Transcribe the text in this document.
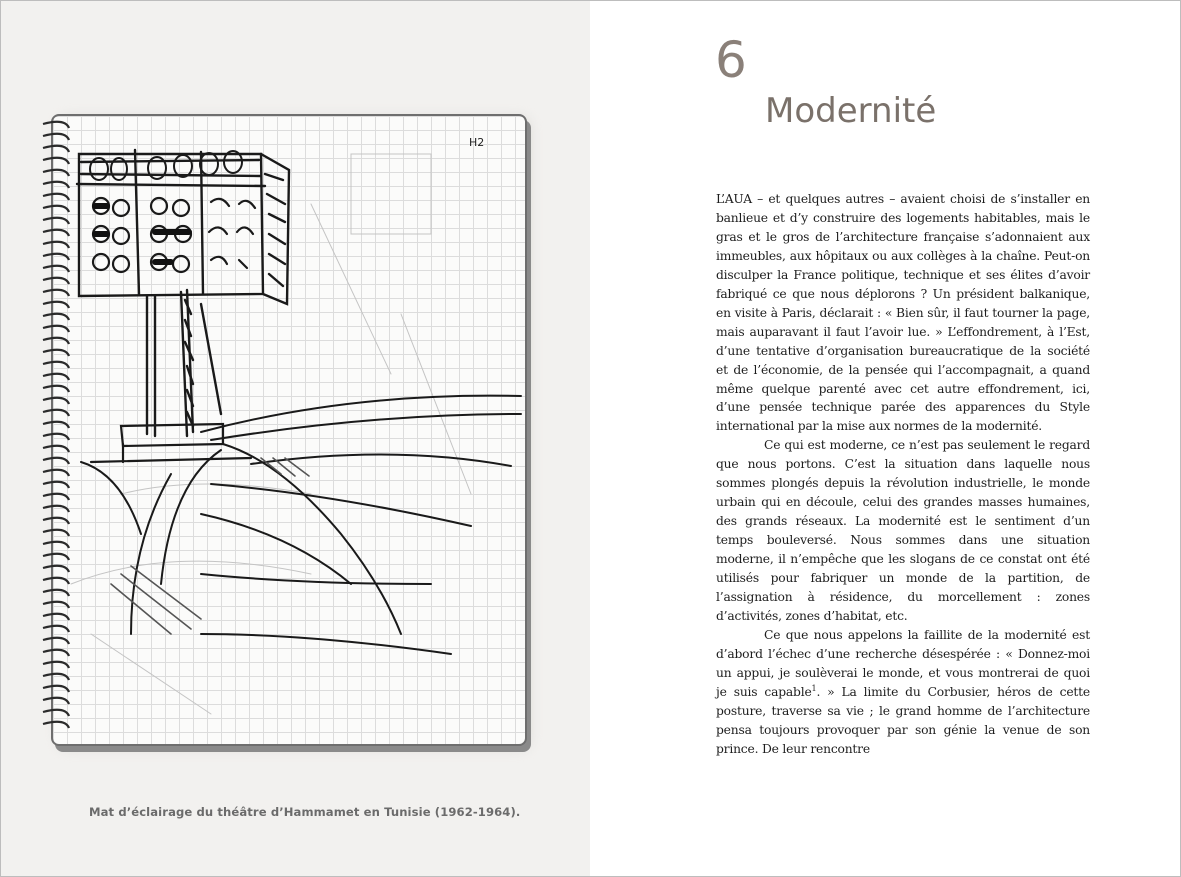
H2
Mat d’éclairage du théâtre d’Hammamet en Tunisie (1962-1964).
6
Modernité

L’AUA – et quelques autres – avaient choisi de s’installer en banlieue et d’y construire des logements habitables, mais le gras et le gros de l’architecture française s’adonnaient aux immeubles, aux hôpitaux ou aux collèges à la chaîne. Peut-on disculper la France politique, technique et ses élites d’avoir fabriqué ce que nous déplorons ? Un président balkanique, en visite à Paris, déclarait : « Bien sûr, il faut tourner la page, mais auparavant il faut l’avoir lue. » L’effondrement, à l’Est, d’une tentative d’organisation bureaucratique de la société et de l’économie, de la pensée qui l’accompagnait, a quand même quelque parenté avec cet autre effondrement, ici, d’une pensée technique parée des apparences du Style international par la mise aux normes de la modernité.

Ce qui est moderne, ce n’est pas seulement le regard que nous portons. C’est la situation dans laquelle nous sommes plongés depuis la révolution industrielle, le monde urbain qui en découle, celui des grandes masses humaines, des grands réseaux. La modernité est le sentiment d’un temps bouleversé. Nous sommes dans une situation moderne, il n’empêche que les slogans de ce constat ont été utilisés pour fabriquer un monde de la partition, de l’assignation à résidence, du morcellement : zones d’activités, zones d’habitat, etc.

Ce que nous appelons la faillite de la modernité est d’abord l’échec d’une recherche désespérée : « Donnez-moi un appui, je soulèverai le monde, et vous montrerai de quoi je suis capable$^1$. » La limite du Corbusier, héros de cette posture, traverse sa vie ; le grand homme de l’architecture pensa toujours provoquer par son génie la venue de son prince. De leur rencontre
